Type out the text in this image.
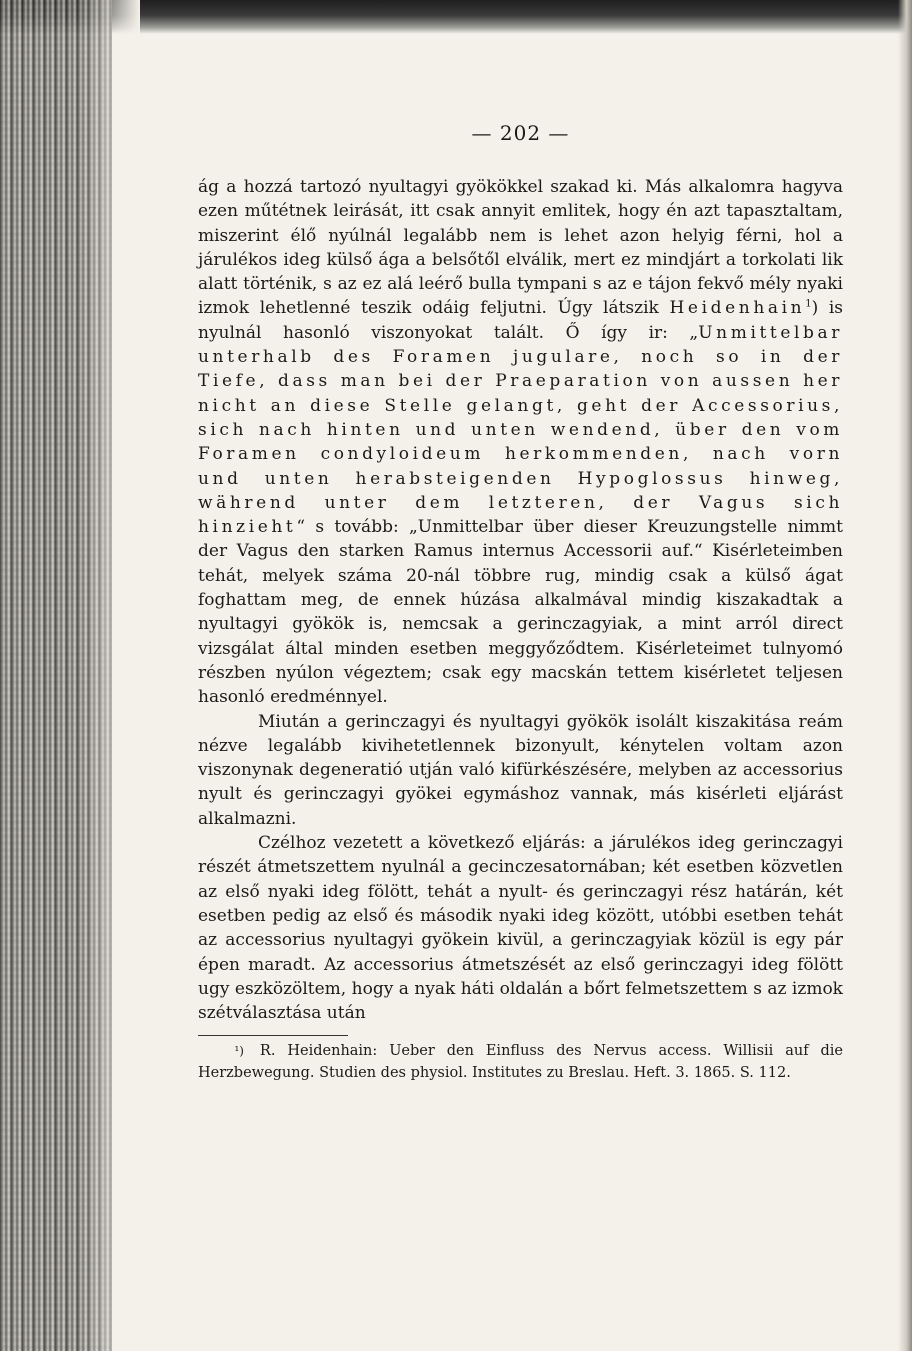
— 202 —

ág a hozzá tartozó nyultagyi gyökökkel szakad ki. Más alkalomra hagyva ezen műtétnek leirását, itt csak annyit emlitek, hogy én azt tapasztaltam, miszerint élő nyúlnál legalább nem is lehet azon helyig férni, hol a járulékos ideg külső ága a belsőtől elválik, mert ez mindjárt a torkolati lik alatt történik, s az ez alá leérő bulla tympani s az e tájon fekvő mély nyaki izmok lehetlenné teszik odáig feljutni. Úgy látszik Heidenhain$^1$) is nyulnál hasonló viszonyokat talált. Ő így ir: „Unmittelbar unterhalb des Foramen jugulare, noch so in der Tiefe, dass man bei der Praeparation von aussen her nicht an diese Stelle gelangt, geht der Accessorius, sich nach hinten und unten wendend, über den vom Foramen condyloideum herkommenden, nach vorn und unten herabsteigenden Hypoglossus hinweg, während unter dem letzteren, der Vagus sich hinzieht“ s tovább: „Unmittelbar über dieser Kreuzungstelle nimmt der Vagus den starken Ramus internus Accessorii auf.“ Kisérleteimben tehát, melyek száma 20-nál többre rug, mindig csak a külső ágat foghattam meg, de ennek húzása alkalmával mindig kiszakadtak a nyultagyi gyökök is, nemcsak a gerinczagyiak, a mint arról direct vizsgálat által minden esetben meggyőződtem. Kisérleteimet tulnyomó részben nyúlon végeztem; csak egy macskán tettem kisérletet teljesen hasonló eredménnyel.

Miután a gerinczagyi és nyultagyi gyökök isolált kiszakitása reám nézve legalább kivihetetlennek bizonyult, kénytelen voltam azon viszonynak degeneratió utján való kifürkészésére, melyben az accessorius nyult és gerinczagyi gyökei egymáshoz vannak, más kisérleti eljárást alkalmazni.

Czélhoz vezetett a következő eljárás: a járulékos ideg gerinczagyi részét átmetszettem nyulnál a gecinczesatornában; két esetben közvetlen az első nyaki ideg fölött, tehát a nyult- és gerinczagyi rész határán, két esetben pedig az első és második nyaki ideg között, utóbbi esetben tehát az accessorius nyultagyi gyökein kivül, a gerinczagyiak közül is egy pár épen maradt. Az accessorius átmetszését az első gerinczagyi ideg fölött ugy eszközöltem, hogy a nyak háti oldalán a bőrt felmetszettem s az izmok szétválasztása után

¹) R. Heidenhain: Ueber den Einfluss des Nervus access. Willisii auf die Herzbewegung. Studien des physiol. Institutes zu Breslau. Heft. 3. 1865. S. 112.
